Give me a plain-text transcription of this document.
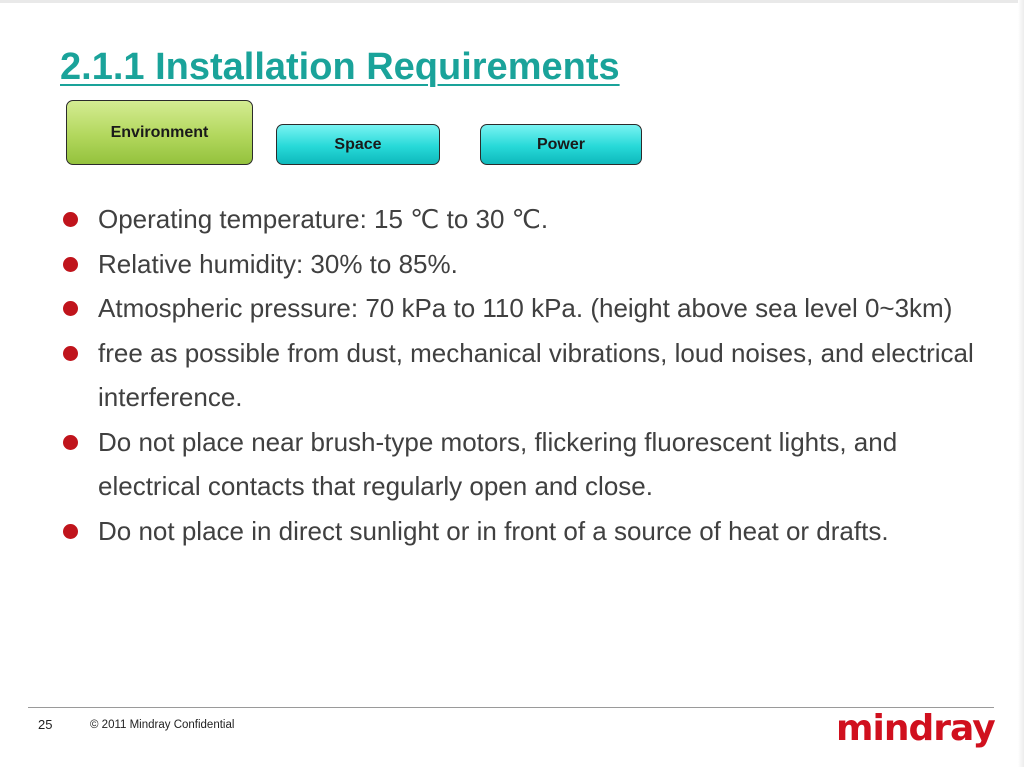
2.1.1 Installation Requirements
Environment
Space	Power
Operating temperature: 15 ℃ to 30 ℃.
Relative humidity: 30% to 85%.
Atmospheric pressure: 70 kPa to 110 kPa. (height above sea level 0~3km)
free as possible from dust, mechanical vibrations, loud noises, and electrical interference.
Do not place near brush-type motors, flickering fluorescent lights, and electrical contacts that regularly open and close.
Do not place in direct sunlight or in front of a source of heat or drafts.
25	© 2011 Mindray Confidential	mindray
